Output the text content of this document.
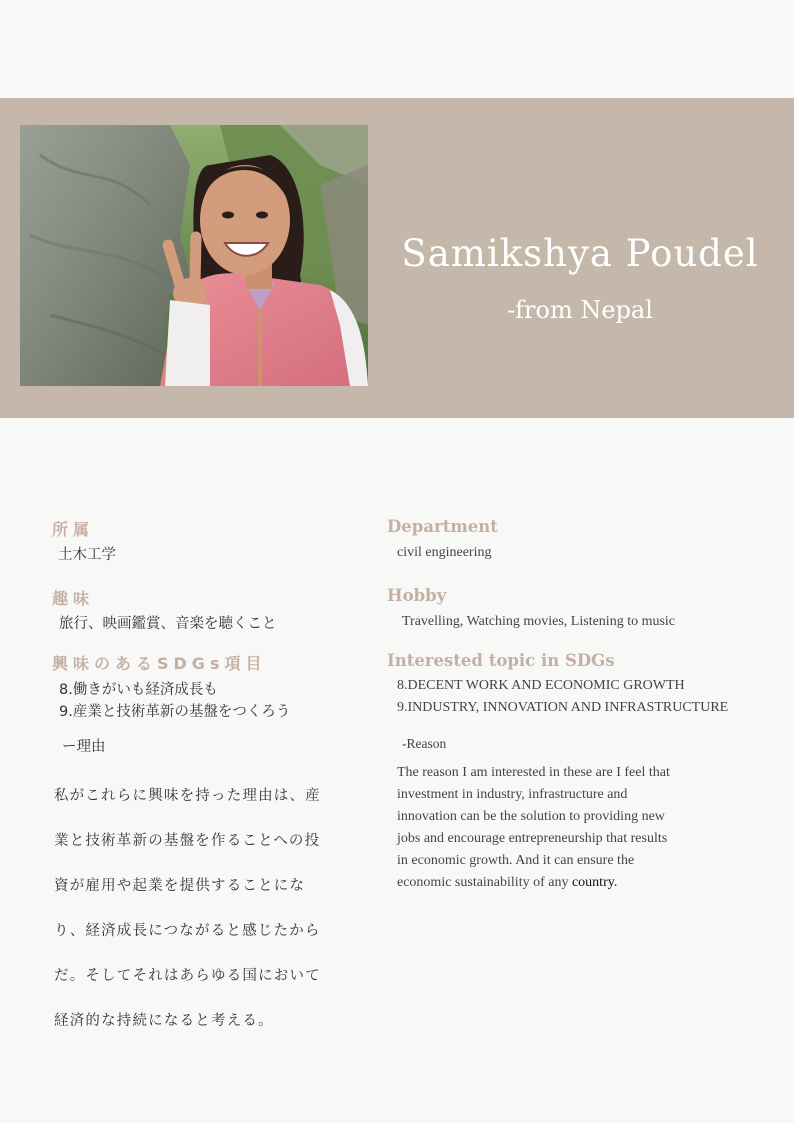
Samikshya Poudel
-from Nepal
所属
土木工学
趣味
旅行、映画鑑賞、音楽を聴くこと
興味のあるSDGs項目
8.働きがいも経済成長も
9.産業と技術革新の基盤をつくろう
ー理由

私がこれらに興味を持った理由は、産

業と技術革新の基盤を作ることへの投

資が雇用や起業を提供することにな

り、経済成長につながると感じたから

だ。そしてそれはあらゆる国において

経済的な持続になると考える。

Department
civil engineering
Hobby
Travelling, Watching movies, Listening to music
Interested topic in SDGs
8.DECENT WORK AND ECONOMIC GROWTH
9.INDUSTRY, INNOVATION AND INFRASTRUCTURE
-Reason
The reason I am interested in these are I feel that
investment in industry, infrastructure and
innovation can be the solution to providing new
jobs and encourage entrepreneurship that results
in economic growth. And it can ensure the
economic sustainability of any country.
